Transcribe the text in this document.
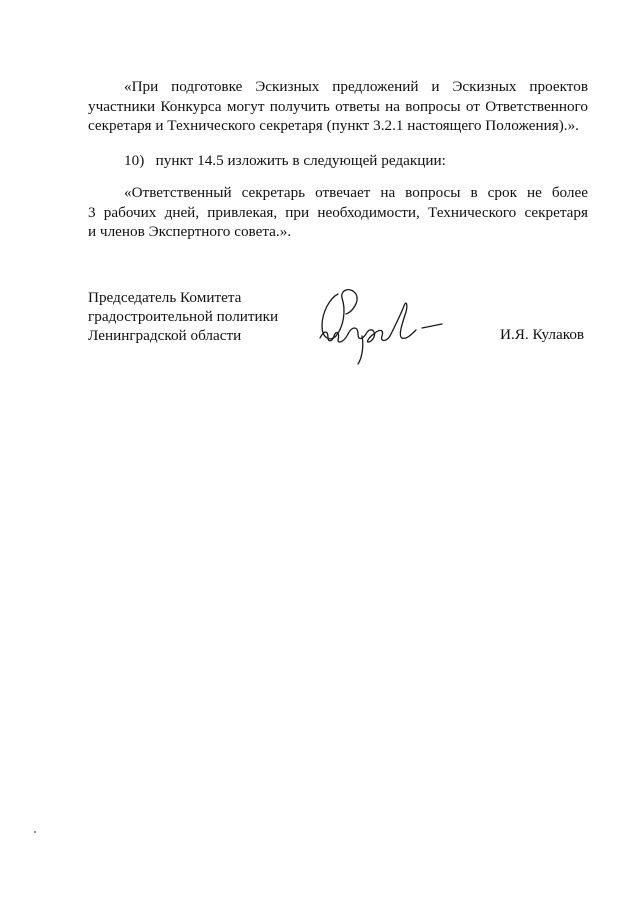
«При подготовке Эскизных предложений и Эскизных проектов
участники Конкурса могут получить ответы на вопросы от Ответственного
секретаря и Технического секретаря (пункт 3.2.1 настоящего Положения).».
10)   пункт 14.5 изложить в следующей редакции:
«Ответственный секретарь отвечает на вопросы в срок не более
3 рабочих дней, привлекая, при необходимости, Технического секретаря
и членов Экспертного совета.».
Председатель Комитета
градостроительной политики
Ленинградской области	И.Я. Кулаков
